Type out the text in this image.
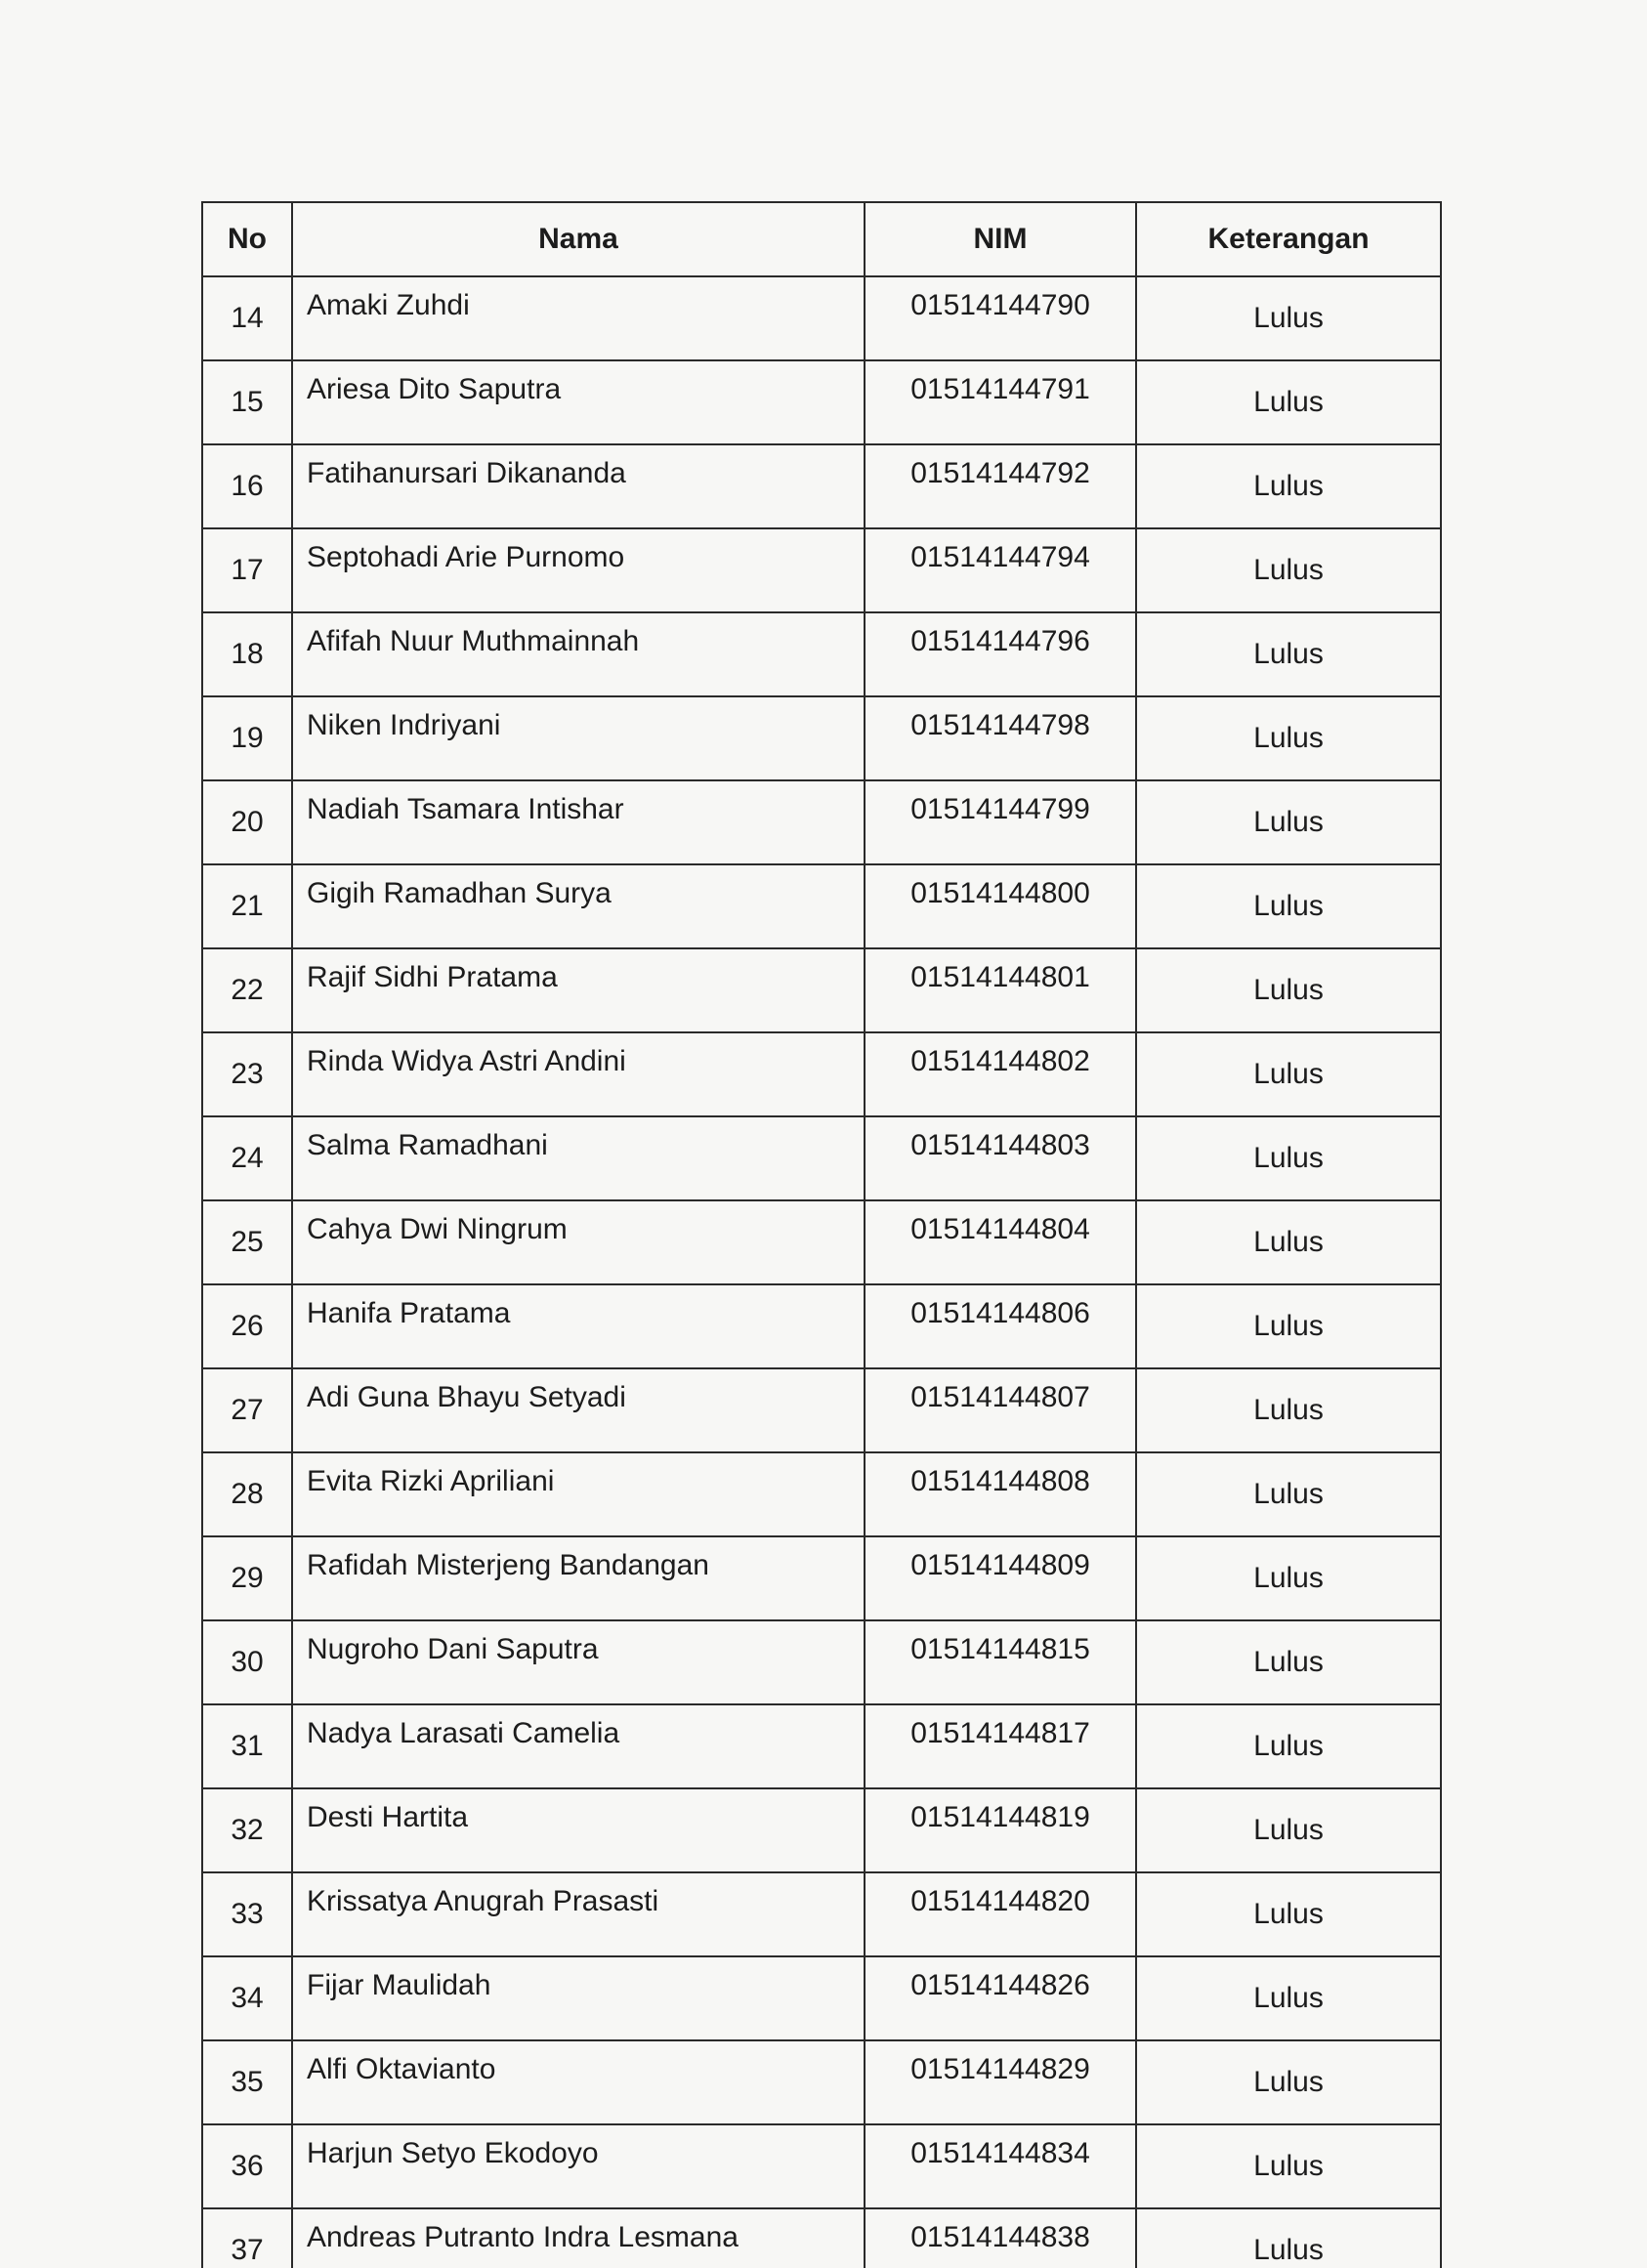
No	Nama	NIM	Keterangan
14	Amaki Zuhdi	01514144790	Lulus
15	Ariesa Dito Saputra	01514144791	Lulus
16	Fatihanursari Dikananda	01514144792	Lulus
17	Septohadi Arie Purnomo	01514144794	Lulus
18	Afifah Nuur Muthmainnah	01514144796	Lulus
19	Niken Indriyani	01514144798	Lulus
20	Nadiah Tsamara Intishar	01514144799	Lulus
21	Gigih Ramadhan Surya	01514144800	Lulus
22	Rajif Sidhi Pratama	01514144801	Lulus
23	Rinda Widya Astri Andini	01514144802	Lulus
24	Salma Ramadhani	01514144803	Lulus
25	Cahya Dwi Ningrum	01514144804	Lulus
26	Hanifa Pratama	01514144806	Lulus
27	Adi Guna Bhayu Setyadi	01514144807	Lulus
28	Evita Rizki Apriliani	01514144808	Lulus
29	Rafidah Misterjeng Bandangan	01514144809	Lulus
30	Nugroho Dani Saputra	01514144815	Lulus
31	Nadya Larasati Camelia	01514144817	Lulus
32	Desti Hartita	01514144819	Lulus
33	Krissatya Anugrah Prasasti	01514144820	Lulus
34	Fijar Maulidah	01514144826	Lulus
35	Alfi Oktavianto	01514144829	Lulus
36	Harjun Setyo Ekodoyo	01514144834	Lulus
37	Andreas Putranto Indra Lesmana	01514144838	Lulus
